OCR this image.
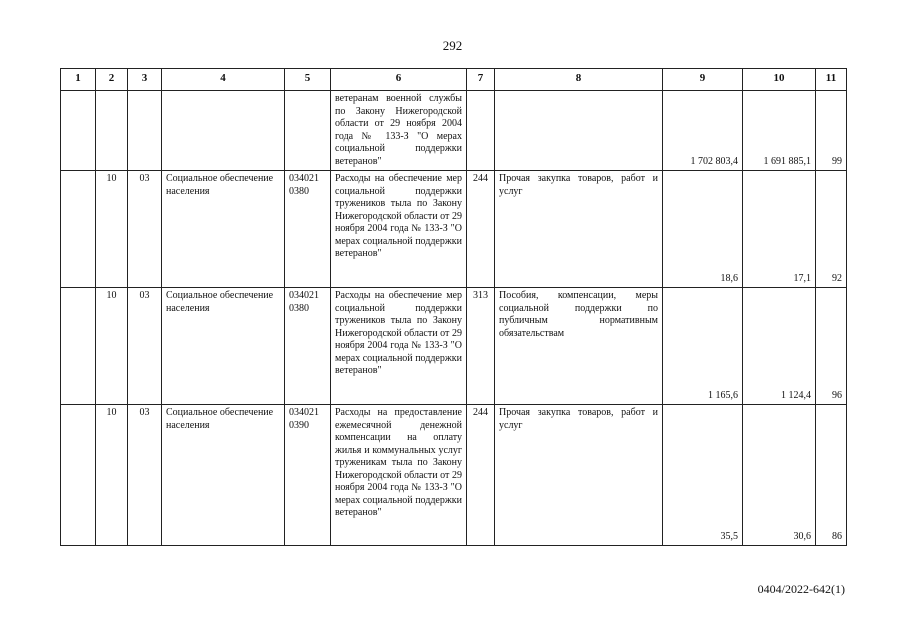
292
1	2	3	4	5	6	7	8	9	10	11
					ветеранам военной службы по Закону Нижегородской области от 29 ноября 2004 года № 133-З "О мерах социальной поддержки ветеранов"			1 702 803,4	1 691 885,1	99
	10	03	Социальное обеспечение населения	034021 0380	Расходы на обеспечение мер социальной поддержки тружеников тыла по Закону Нижегородской области от 29 ноября 2004 года № 133-З "О мерах социальной поддержки ветеранов"	244	Прочая закупка товаров, работ и услуг	18,6	17,1	92
	10	03	Социальное обеспечение населения	034021 0380	Расходы на обеспечение мер социальной поддержки тружеников тыла по Закону Нижегородской области от 29 ноября 2004 года № 133-З "О мерах социальной поддержки ветеранов"	313	Пособия, компенсации, меры социальной поддержки по публичным нормативным обязательствам	1 165,6	1 124,4	96
	10	03	Социальное обеспечение населения	034021 0390	Расходы на предоставление ежемесячной денежной компенсации на оплату жилья и коммунальных услуг труженикам тыла по Закону Нижегородской области от 29 ноября 2004 года № 133-З "О мерах социальной поддержки ветеранов"	244	Прочая закупка товаров, работ и услуг	35,5	30,6	86
0404/2022-642(1)
